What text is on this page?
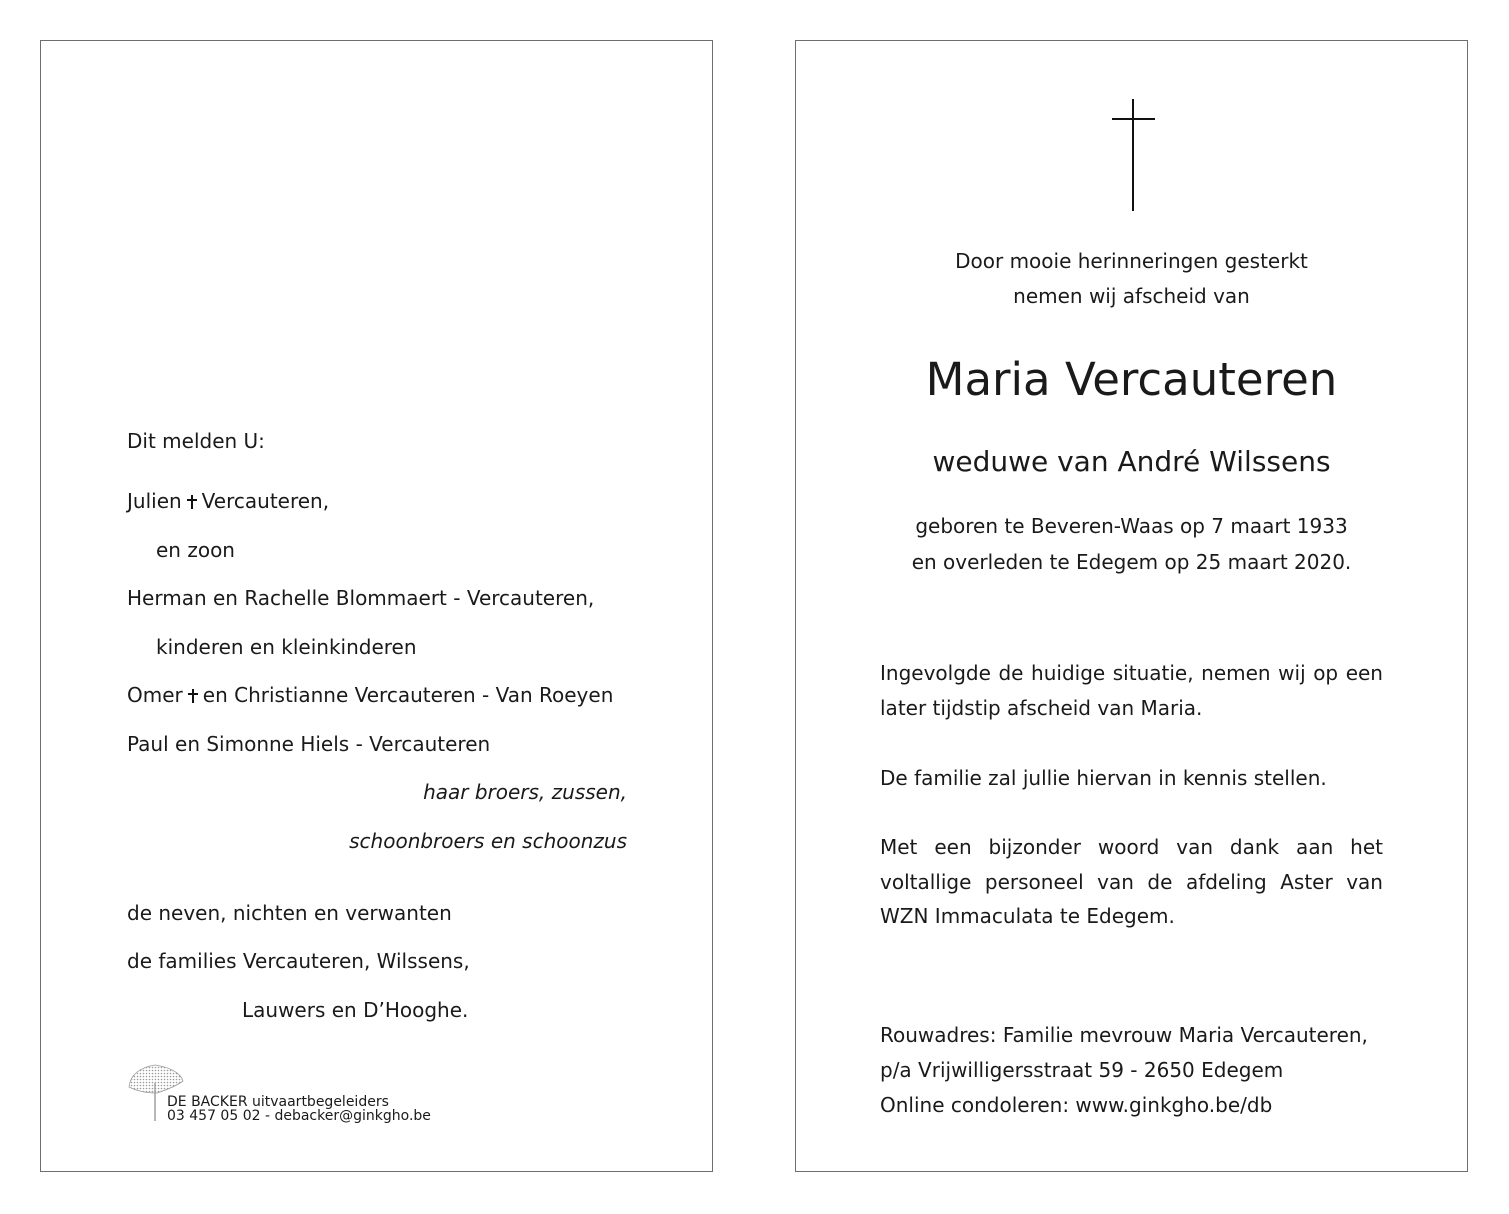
Dit melden U:
Julien Vercauteren,
en zoon
Herman en Rachelle Blommaert - Vercauteren,
kinderen en kleinkinderen
Omer en Christianne Vercauteren - Van Roeyen
Paul en Simonne Hiels - Vercauteren
haar broers, zussen,
schoonbroers en schoonzus
de neven, nichten en verwanten
de families Vercauteren, Wilssens,
Lauwers en D’Hooghe.
DE BACKER uitvaartbegeleiders
03 457 05 02 - debacker@ginkgho.be
Door mooie herinneringen gesterkt
nemen wij afscheid van
Maria Vercauteren
weduwe van André Wilssens
geboren te Beveren-Waas op 7 maart 1933
en overleden te Edegem op 25 maart 2020.
Ingevolgde de huidige situatie, nemen wij op een
later tijdstip afscheid van Maria.
De familie zal jullie hiervan in kennis stellen.
Met een bijzonder woord van dank aan het
voltallige personeel van de afdeling Aster van
WZN Immaculata te Edegem.
Rouwadres: Familie mevrouw Maria Vercauteren,
p/a Vrijwilligersstraat 59 - 2650 Edegem
Online condoleren: www.ginkgho.be/db
